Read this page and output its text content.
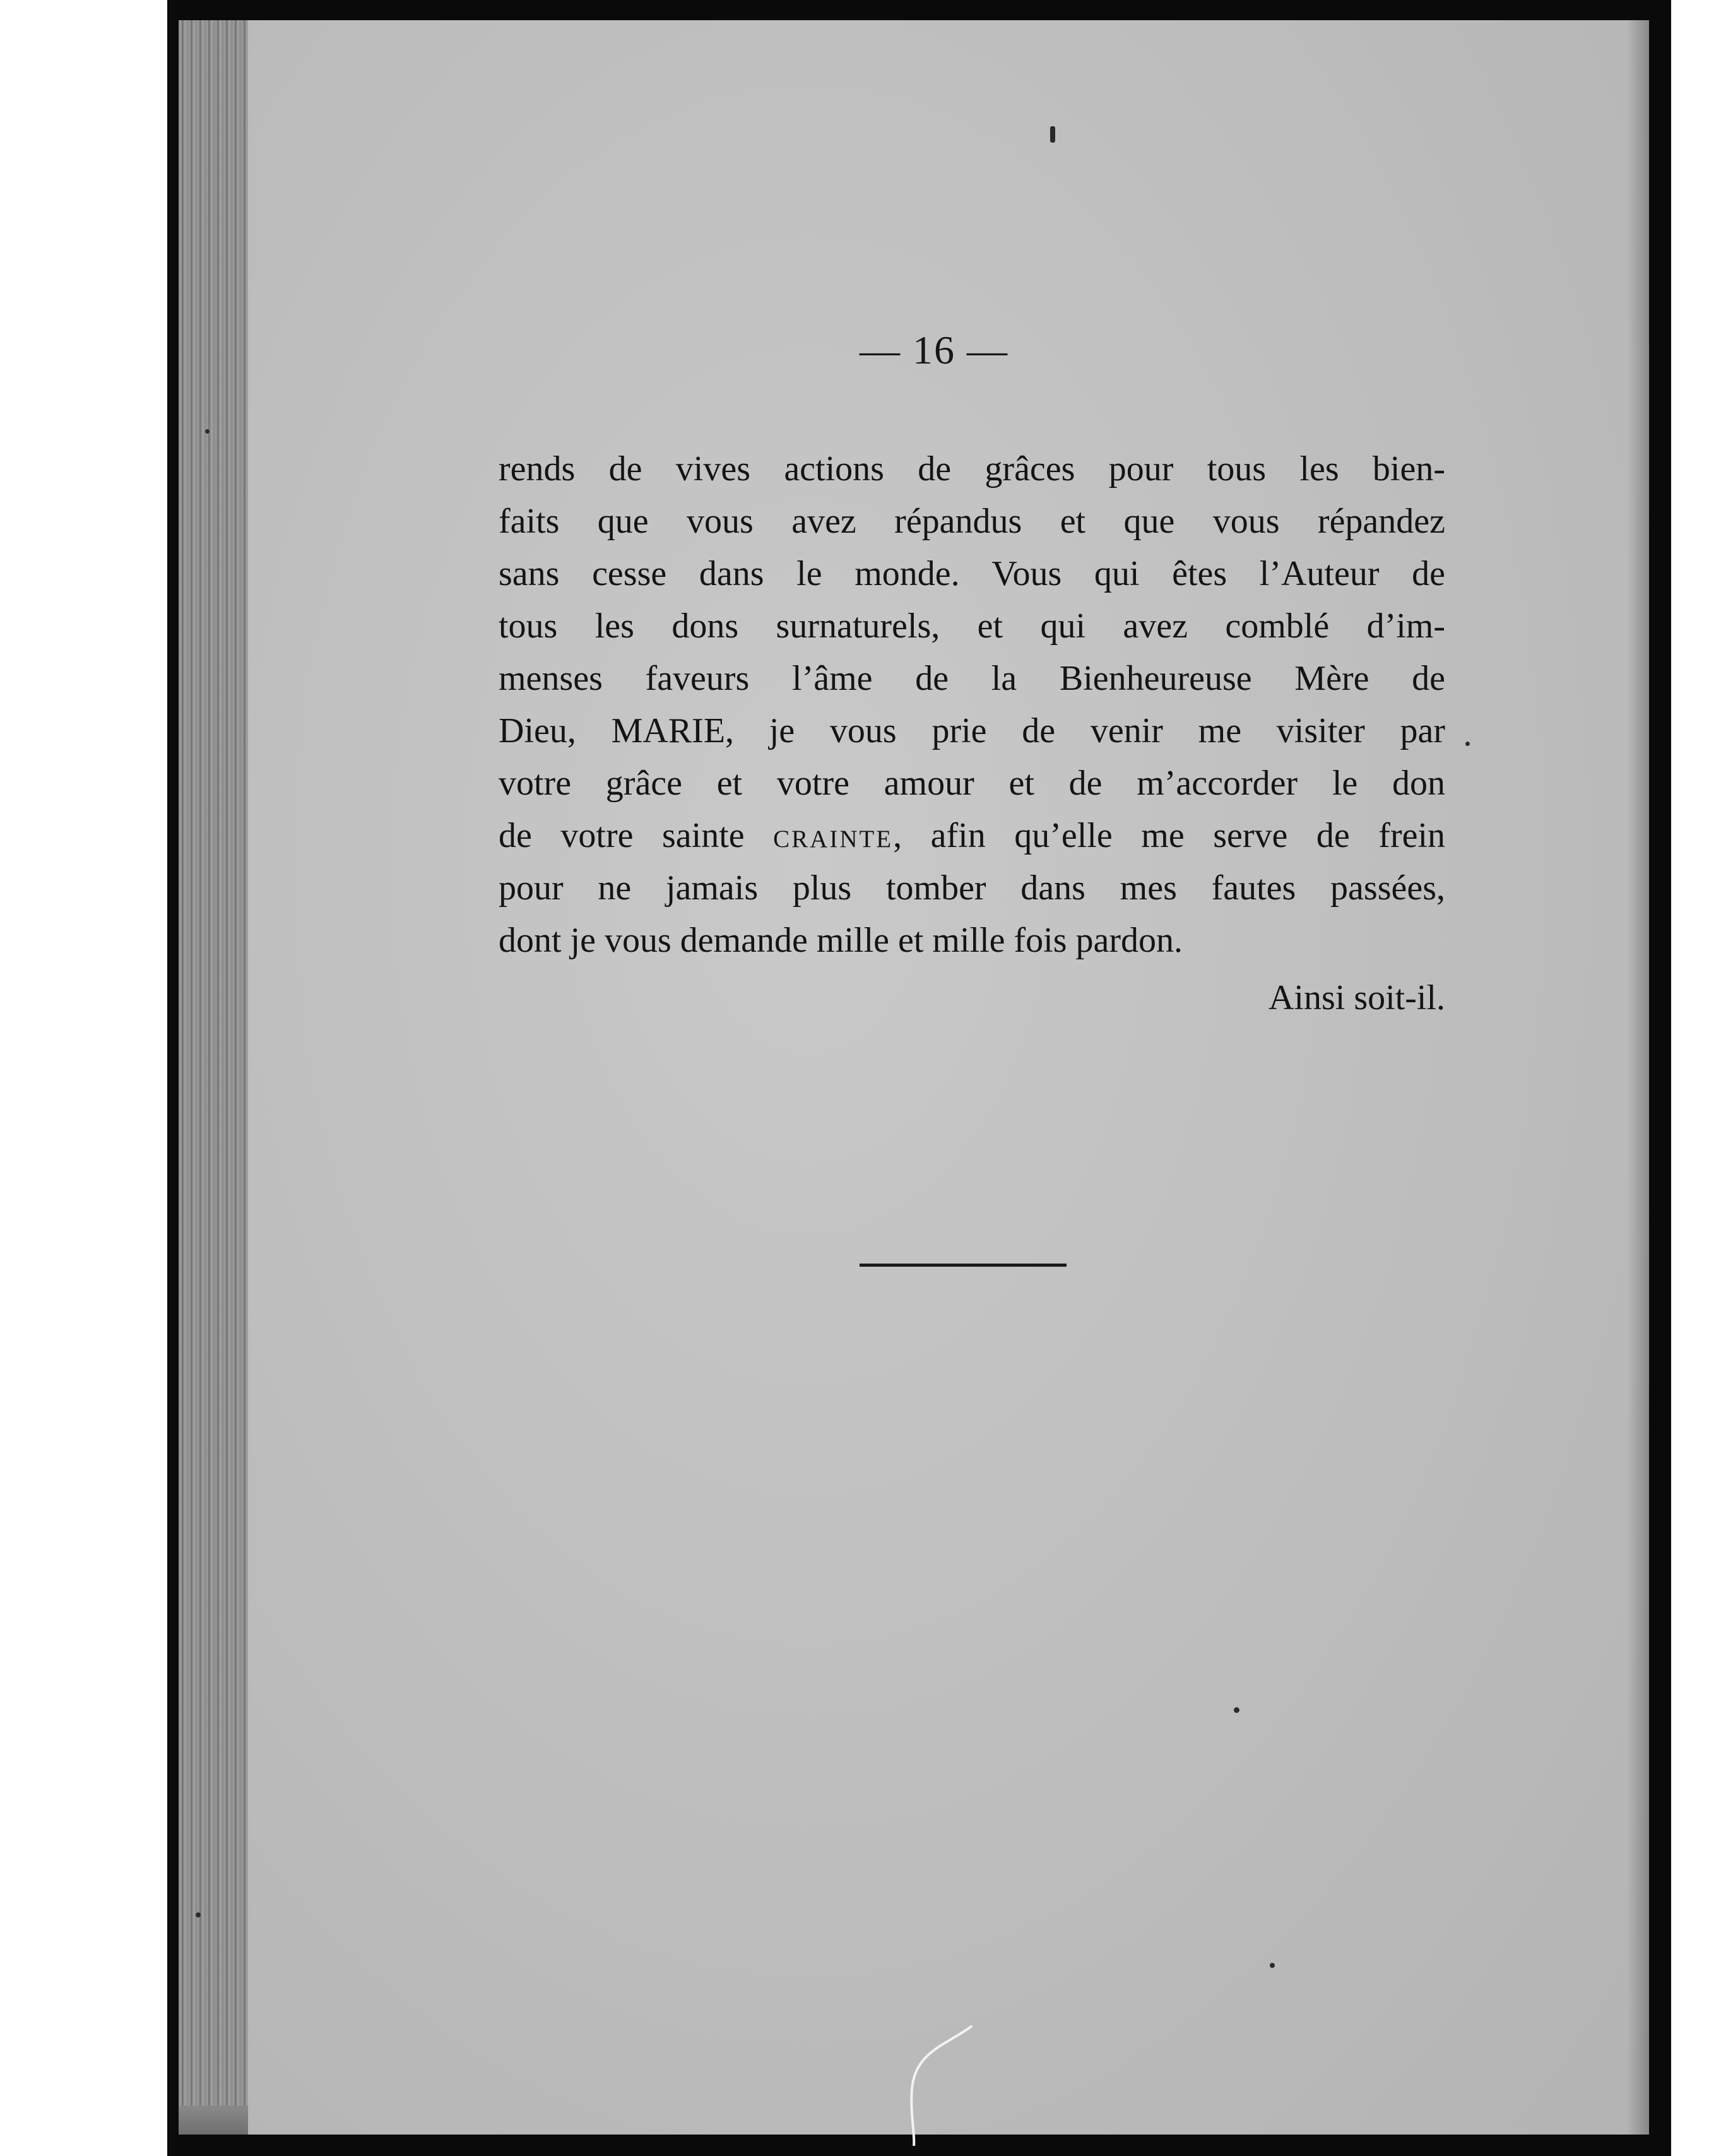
— 16 —
rends de vives actions de grâces pour tous les bien-
faits que vous avez répandus et que vous répandez
sans cesse dans le monde. Vous qui êtes l’Auteur de
tous les dons surnaturels, et qui avez comblé d’im-
menses faveurs l’âme de la Bienheureuse Mère de
Dieu, MARIE, je vous prie de venir me visiter par
votre grâce et votre amour et de m’accorder le don
de votre sainte crainte, afin qu’elle me serve de frein
pour ne jamais plus tomber dans mes fautes passées,
dont je vous demande mille et mille fois pardon.
Ainsi soit-il.
